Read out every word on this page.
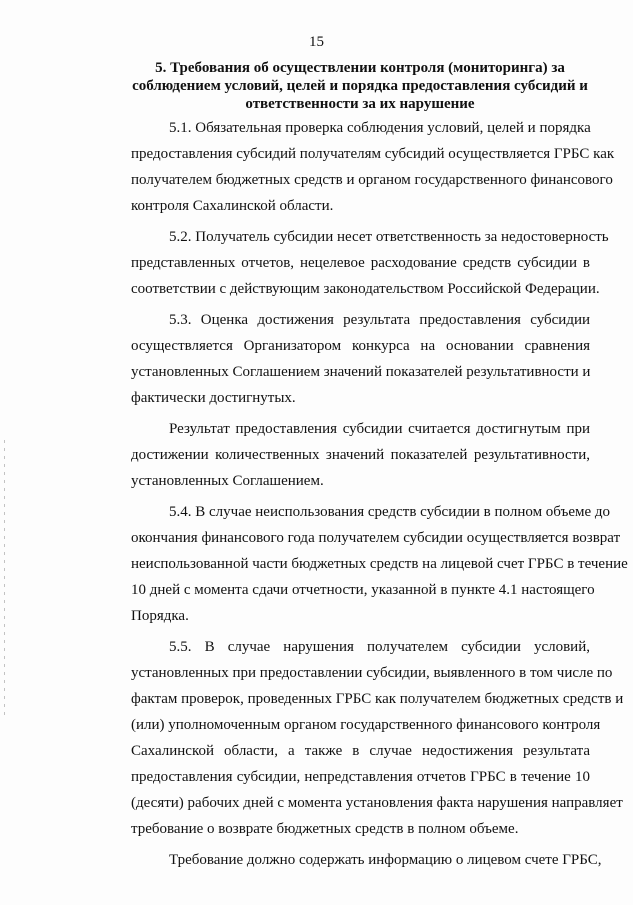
15
5. Требования об осуществлении контроля (мониторинга) за
соблюдением условий, целей и порядка предоставления субсидий и
ответственности за их нарушение
5.1. Обязательная проверка соблюдения условий, целей и порядка
предоставления субсидий получателям субсидий осуществляется ГРБС как
получателем бюджетных средств и органом государственного финансового
контроля Сахалинской области.
5.2. Получатель субсидии несет ответственность за недостоверность
представленных отчетов, нецелевое расходование средств субсидии в
соответствии с действующим законодательством Российской Федерации.
5.3. Оценка достижения результата предоставления субсидии
осуществляется Организатором конкурса на основании сравнения
установленных Соглашением значений показателей результативности и
фактически достигнутых.
Результат предоставления субсидии считается достигнутым при
достижении количественных значений показателей результативности,
установленных Соглашением.
5.4. В случае неиспользования средств субсидии в полном объеме до
окончания финансового года получателем субсидии осуществляется возврат
неиспользованной части бюджетных средств на лицевой счет ГРБС в течение
10 дней с момента сдачи отчетности, указанной в пункте 4.1 настоящего
Порядка.
5.5. В случае нарушения получателем субсидии условий,
установленных при предоставлении субсидии, выявленного в том числе по
фактам проверок, проведенных ГРБС как получателем бюджетных средств и
(или) уполномоченным органом государственного финансового контроля
Сахалинской области, а также в случае недостижения результата
предоставления субсидии, непредставления отчетов ГРБС в течение 10
(десяти) рабочих дней с момента установления факта нарушения направляет
требование о возврате бюджетных средств в полном объеме.
Требование должно содержать информацию о лицевом счете ГРБС,
